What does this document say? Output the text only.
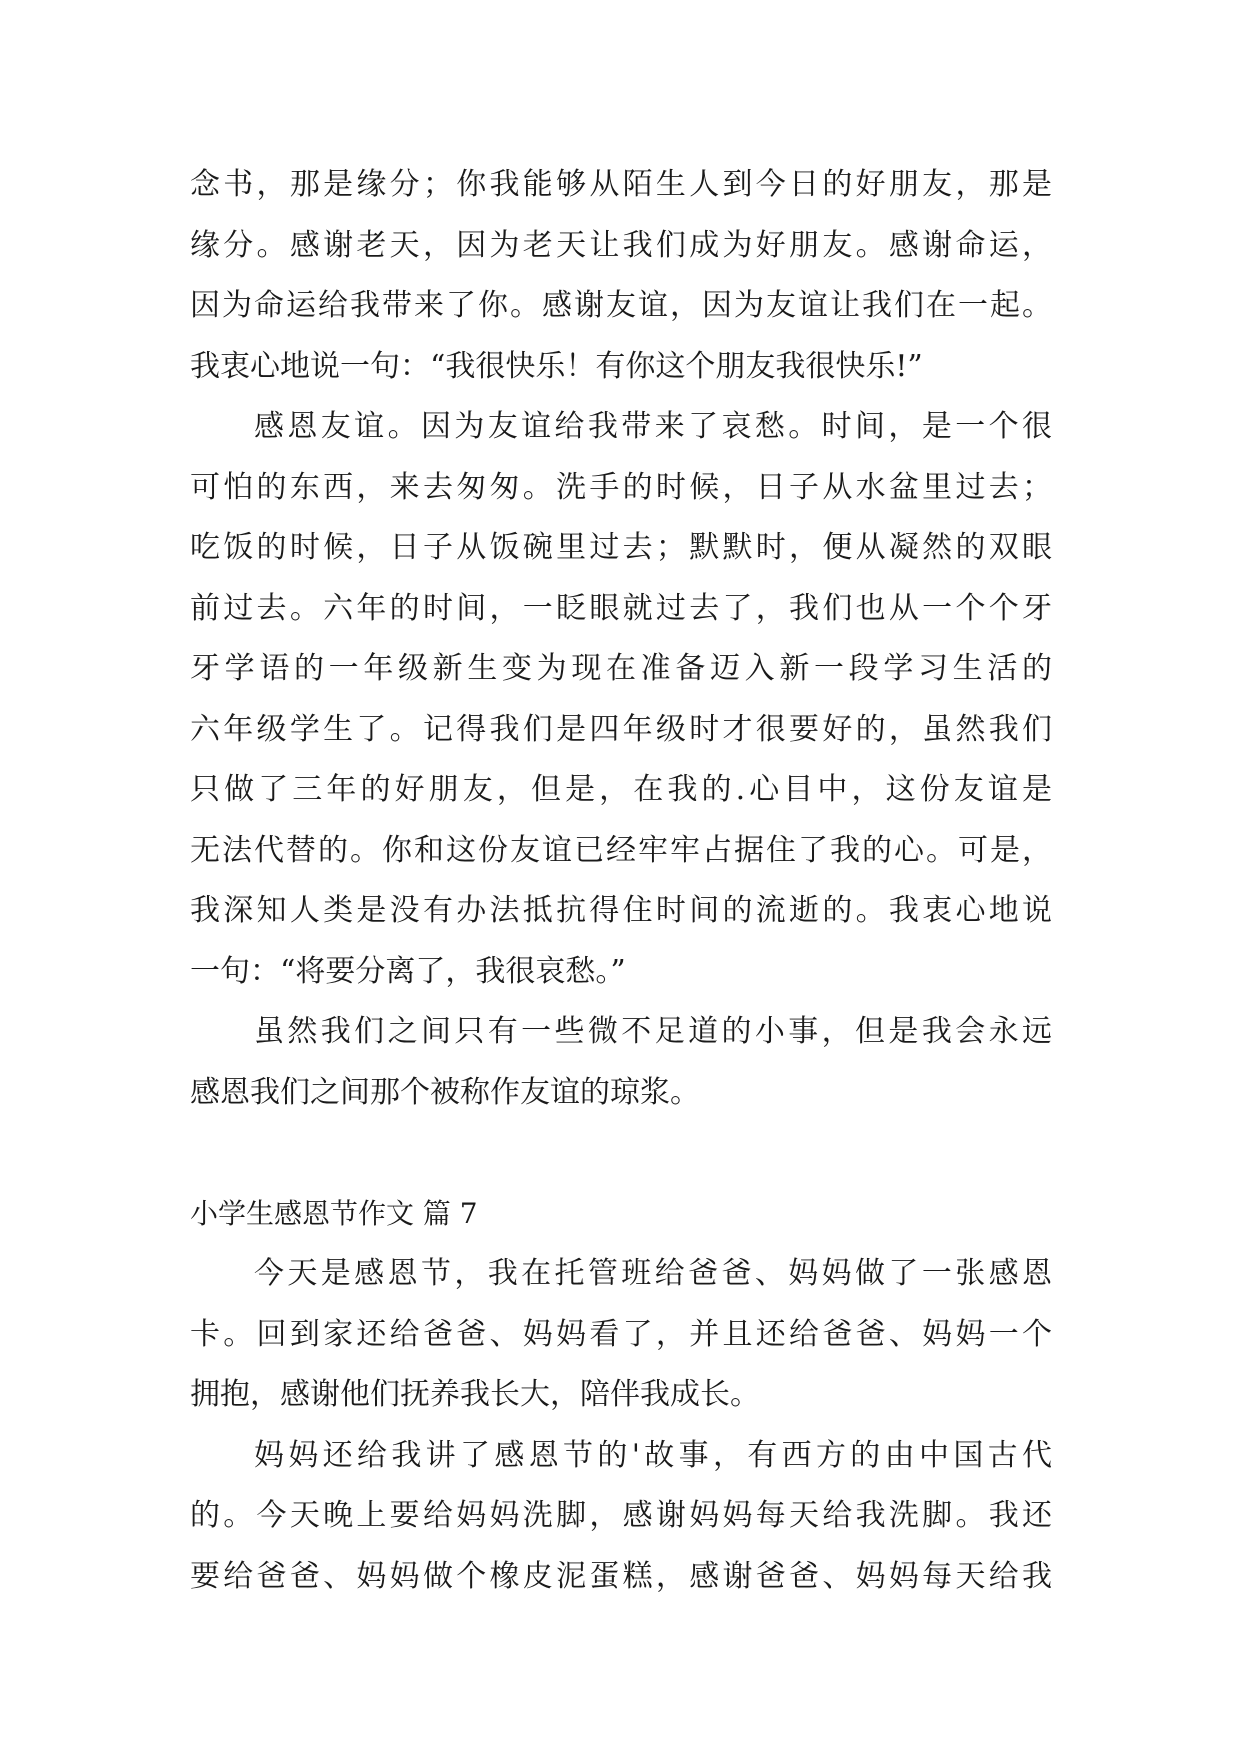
念书，那是缘分；你我能够从陌生人到今日的好朋友，那是
缘分。感谢老天，因为老天让我们成为好朋友。感谢命运，
因为命运给我带来了你。感谢友谊，因为友谊让我们在一起。
我衷心地说一句：“我很快乐！有你这个朋友我很快乐!”
感恩友谊。因为友谊给我带来了哀愁。时间，是一个很
可怕的东西，来去匆匆。洗手的时候，日子从水盆里过去；
吃饭的时候，日子从饭碗里过去；默默时，便从凝然的双眼
前过去。六年的时间，一眨眼就过去了，我们也从一个个牙
牙学语的一年级新生变为现在准备迈入新一段学习生活的
六年级学生了。记得我们是四年级时才很要好的，虽然我们
只做了三年的好朋友，但是，在我的.心目中，这份友谊是
无法代替的。你和这份友谊已经牢牢占据住了我的心。可是，
我深知人类是没有办法抵抗得住时间的流逝的。我衷心地说
一句：“将要分离了，我很哀愁。”
虽然我们之间只有一些微不足道的小事，但是我会永远
感恩我们之间那个被称作友谊的琼浆。
小学生感恩节作文 篇 7
今天是感恩节，我在托管班给爸爸、妈妈做了一张感恩
卡。回到家还给爸爸、妈妈看了，并且还给爸爸、妈妈一个
拥抱，感谢他们抚养我长大，陪伴我成长。
妈妈还给我讲了感恩节的'故事，有西方的由中国古代
的。今天晚上要给妈妈洗脚，感谢妈妈每天给我洗脚。我还
要给爸爸、妈妈做个橡皮泥蛋糕，感谢爸爸、妈妈每天给我
